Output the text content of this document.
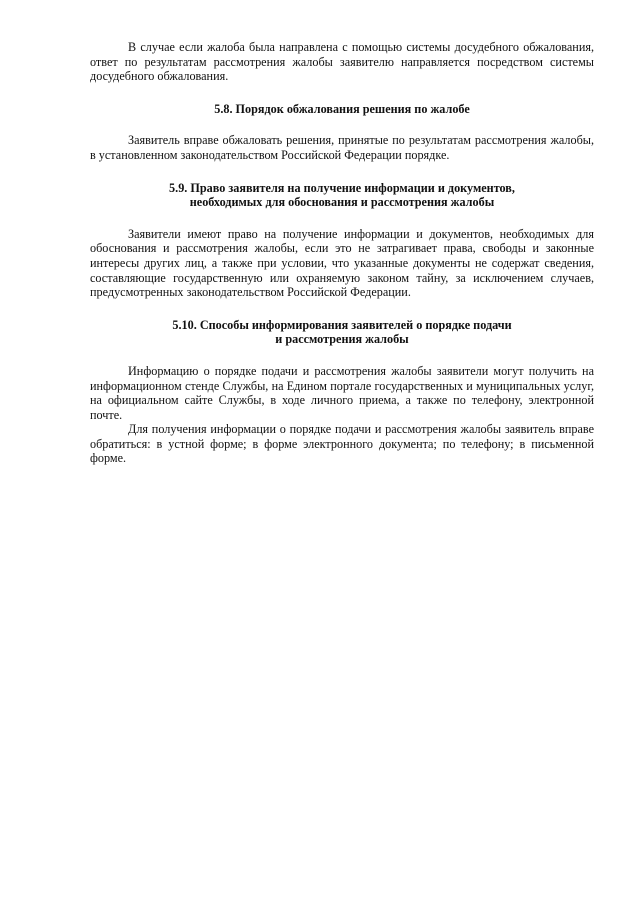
В случае если жалоба была направлена с помощью системы досудебного обжалования, ответ по результатам рассмотрения жалобы заявителю направляется посредством системы досудебного обжалования.

5.8. Порядок обжалования решения по жалобе

Заявитель вправе обжаловать решения, принятые по результатам рассмотрения жалобы, в установленном законодательством Российской Федерации порядке.

5.9. Право заявителя на получение информации и документов,
необходимых для обоснования и рассмотрения жалобы

Заявители имеют право на получение информации и документов, необходимых для обоснования и рассмотрения жалобы, если это не затрагивает права, свободы и законные интересы других лиц, а также при условии, что указанные документы не содержат сведения, составляющие государственную или охраняемую законом тайну, за исключением случаев, предусмотренных законодательством Российской Федерации.

5.10. Способы информирования заявителей о порядке подачи
и рассмотрения жалобы

Информацию о порядке подачи и рассмотрения жалобы заявители могут получить на информационном стенде Службы, на Едином портале государственных и муниципальных услуг, на официальном сайте Службы, в ходе личного приема, а также по телефону, электронной почте.

Для получения информации о порядке подачи и рассмотрения жалобы заявитель вправе обратиться: в устной форме; в форме электронного документа; по телефону; в письменной форме.
